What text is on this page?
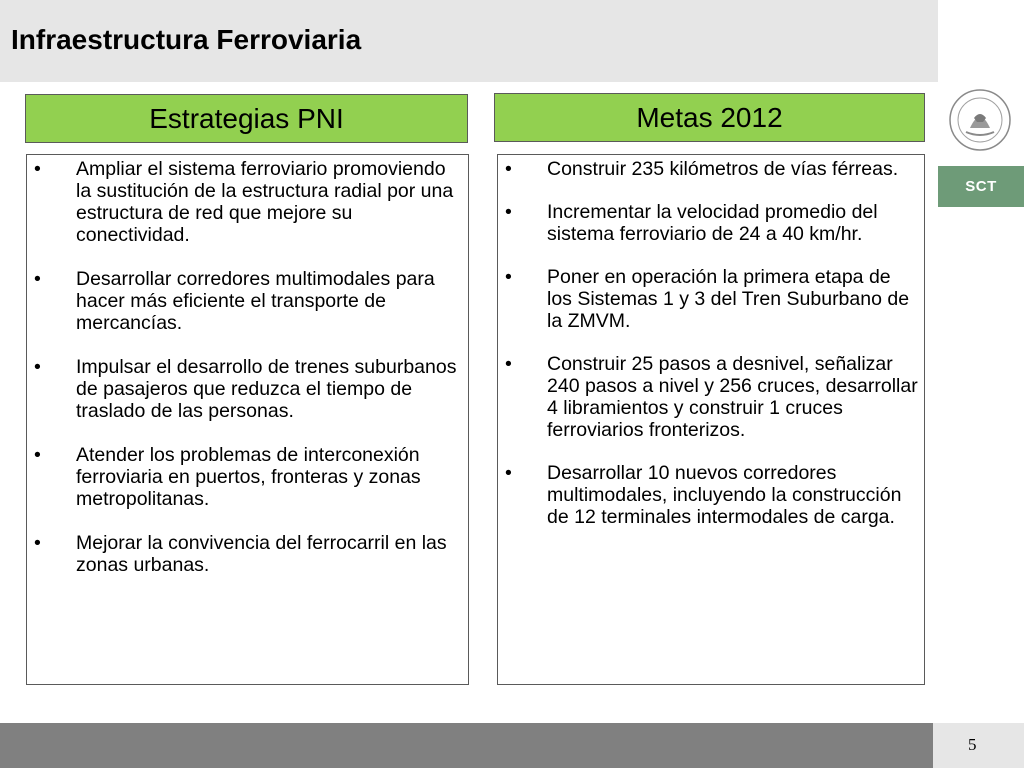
Infraestructura Ferroviaria
SCT
Estrategias PNI	Metas 2012
• Ampliar el sistema ferroviario promoviendo la sustitución de la estructura radial por una estructura de red que mejore su conectividad.
• Desarrollar corredores multimodales para hacer más eficiente el transporte de mercancías.
• Impulsar el desarrollo de trenes suburbanos de pasajeros que reduzca el tiempo de traslado de las personas.
• Atender los problemas de interconexión ferroviaria en puertos, fronteras y zonas metropolitanas.
• Mejorar la convivencia del ferrocarril en las zonas urbanas.
• Construir 235 kilómetros de vías férreas.
• Incrementar la velocidad promedio del sistema ferroviario de 24 a 40 km/hr.
• Poner en operación la primera etapa de los Sistemas 1 y 3 del Tren Suburbano de la ZMVM.
• Construir 25 pasos a desnivel, señalizar 240 pasos a nivel y 256 cruces, desarrollar 4 libramientos y construir 1 cruces ferroviarios fronterizos.
• Desarrollar 10 nuevos corredores multimodales, incluyendo la construcción de 12 terminales intermodales de carga.
5
